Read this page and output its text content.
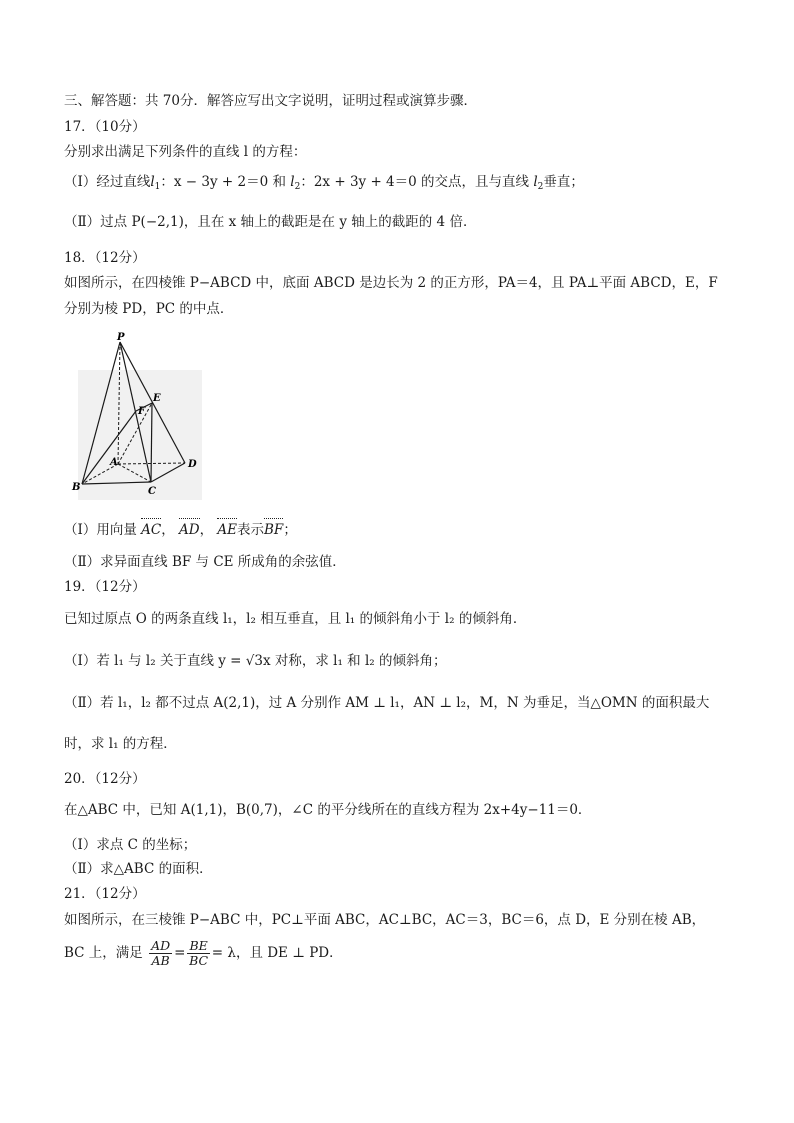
三、解答题：共 70分．解答应写出文字说明，证明过程或演算步骤．
17．（10分）
分别求出满足下列条件的直线 l 的方程：
（Ⅰ）经过直线$l_1$：x − 3y + 2＝0 和 $l_2$：2x + 3y + 4＝0 的交点，且与直线 $l_2$垂直；
（Ⅱ）过点 P(−2,1)，且在 x 轴上的截距是在 y 轴上的截距的 4 倍．
18．（12分）
如图所示，在四棱锥 P−ABCD 中，底面 ABCD 是边长为 2 的正方形，PA＝4，且 PA⊥平面 ABCD，E，F
分别为棱 PD，PC 的中点．
P
A
B	C
D
E
F
（Ⅰ）用向量 AC， AD， AE表示BF；
（Ⅱ）求异面直线 BF 与 CE 所成角的余弦值．
19．（12分）
已知过原点 O 的两条直线 l₁，l₂ 相互垂直，且 l₁ 的倾斜角小于 l₂ 的倾斜角．
（Ⅰ）若 l₁ 与 l₂ 关于直线 y = √3x 对称，求 l₁ 和 l₂ 的倾斜角；
（Ⅱ）若 l₁，l₂ 都不过点 A(2,1)，过 A 分别作 AM ⊥ l₁，AN ⊥ l₂，M，N 为垂足，当△OMN 的面积最大
时，求 l₁ 的方程．
20．（12分）
在△ABC 中，已知 A(1,1)，B(0,7)，∠C 的平分线所在的直线方程为 2x+4y−11＝0．
（Ⅰ）求点 C 的坐标；
（Ⅱ）求△ABC 的面积．
21．（12分）
如图所示，在三棱锥 P−ABC 中，PC⊥平面 ABC，AC⊥BC，AC＝3，BC＝6，点 D，E 分别在棱 AB，
BC 上，满足 $\frac{AD}{AB} = \frac{BE}{BC} = \lambda$，且 DE ⊥ PD．
